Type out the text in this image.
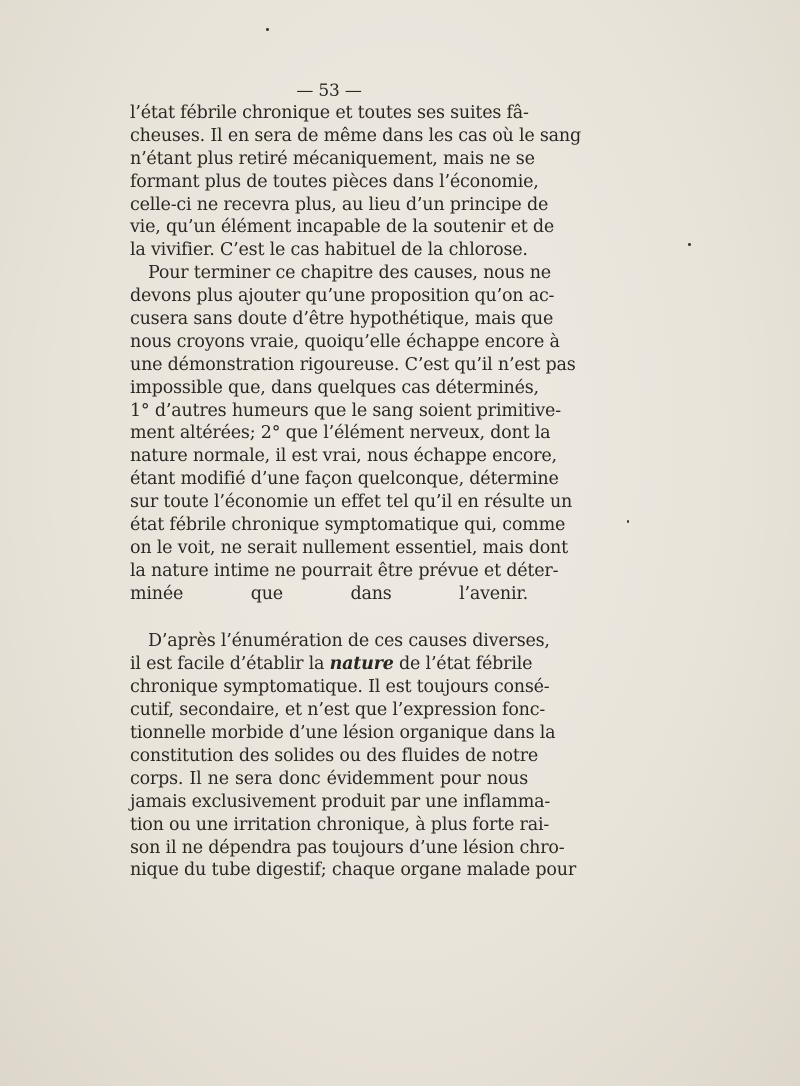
— 53 —
l’état fébrile chronique et toutes ses suites fâ-
cheuses. Il en sera de même dans les cas où le sang
n’étant plus retiré mécaniquement, mais ne se
formant plus de toutes pièces dans l’économie,
celle-ci ne recevra plus, au lieu d’un principe de
vie, qu’un élément incapable de la soutenir et de
la vivifier. C’est le cas habituel de la chlorose.
Pour terminer ce chapitre des causes, nous ne
devons plus ajouter qu’une proposition qu’on ac-
cusera sans doute d’être hypothétique, mais que
nous croyons vraie, quoiqu’elle échappe encore à
une démonstration rigoureuse. C’est qu’il n’est pas
impossible que, dans quelques cas déterminés,
1° d’autres humeurs que le sang soient primitive-
ment altérées; 2° que l’élément nerveux, dont la
nature normale, il est vrai, nous échappe encore,
étant modifié d’une façon quelconque, détermine
sur toute l’économie un effet tel qu’il en résulte un
état fébrile chronique symptomatique qui, comme
on le voit, ne serait nullement essentiel, mais dont
la nature intime ne pourrait être prévue et déter-
minée que dans l’avenir.
D’après l’énumération de ces causes diverses,
il est facile d’établir la nature de l’état fébrile
chronique symptomatique. Il est toujours consé-
cutif, secondaire, et n’est que l’expression fonc-
tionnelle morbide d’une lésion organique dans la
constitution des solides ou des fluides de notre
corps. Il ne sera donc évidemment pour nous
jamais exclusivement produit par une inflamma-
tion ou une irritation chronique, à plus forte rai-
son il ne dépendra pas toujours d’une lésion chro-
nique du tube digestif; chaque organe malade pour
